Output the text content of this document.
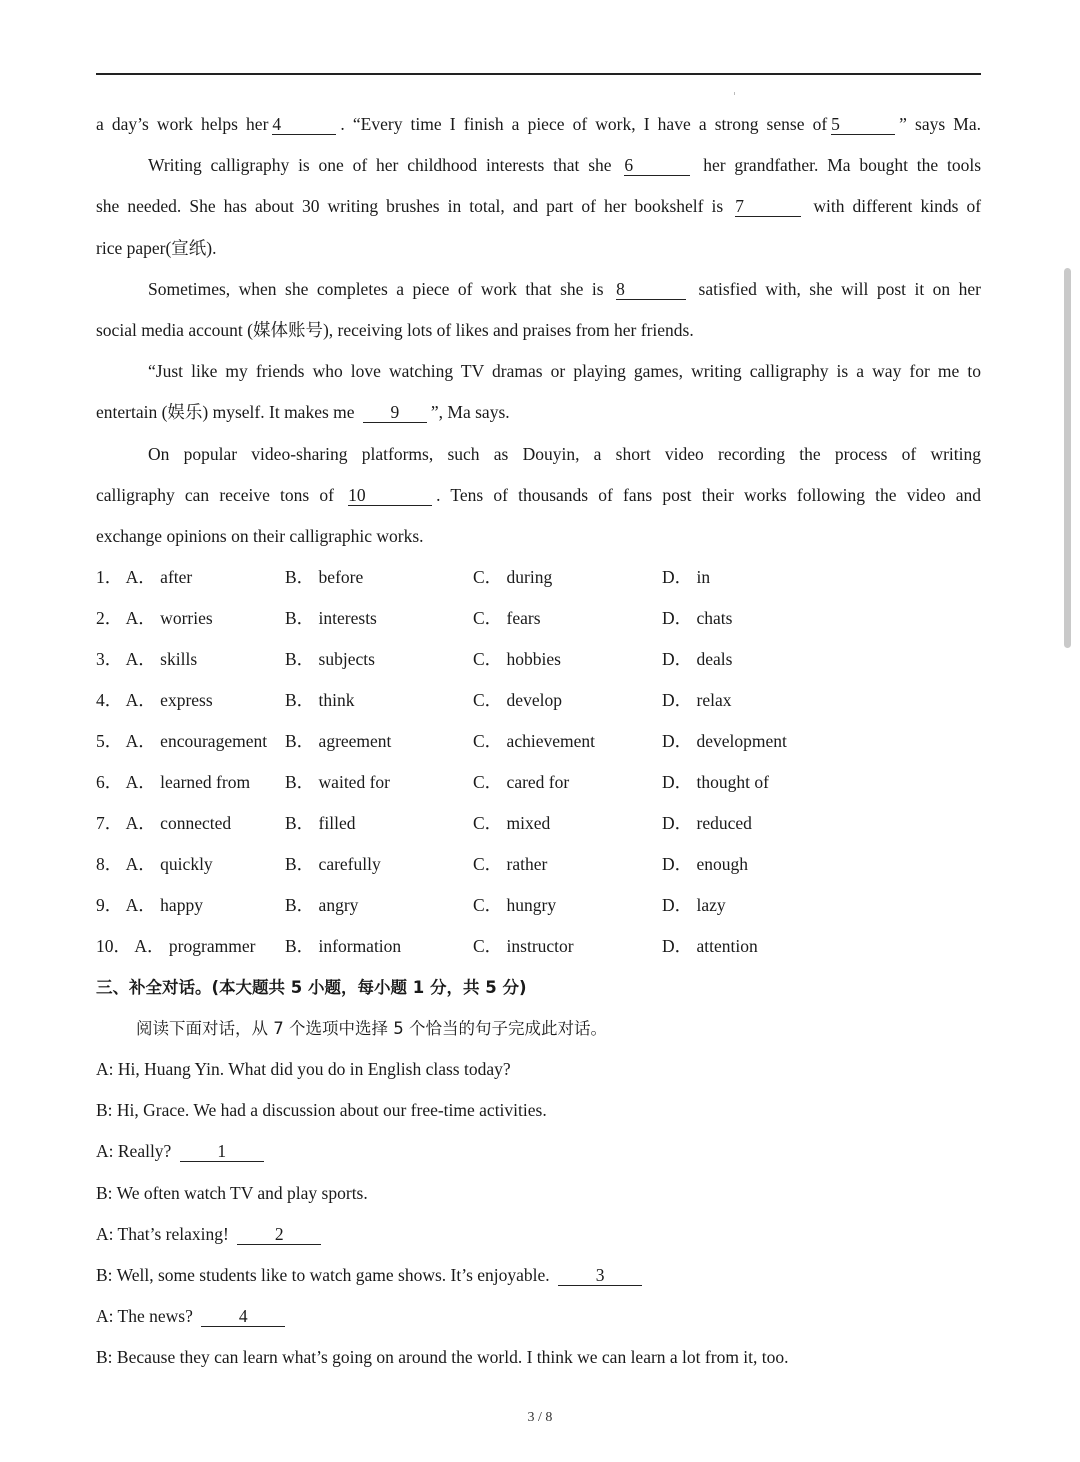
a day’s work helps her 4	. “Every time I finish a piece of work, I have a strong sense of 5	” says Ma.
Writing calligraphy is one of her childhood interests that she 6	her grandfather. Ma bought the tools
she needed. She has about 30 writing brushes in total, and part of her bookshelf is 7	with different kinds of
rice paper(宣纸).
Sometimes, when she completes a piece of work that she is 8	satisfied with, she will post it on her
social media account (媒体账号), receiving lots of likes and praises from her friends.
“Just like my friends who love watching TV dramas or playing games, writing calligraphy is a way for me to
entertain (娱乐) myself. It makes me 9 ”, Ma says.
On popular video-sharing platforms, such as Douyin, a short video recording the process of writing
calligraphy can receive tons of 10	. Tens of thousands of fans post their works following the video and
exchange opinions on their calligraphic works.
1． A． after	B． before	C． during	D． in
2． A． worries	B． interests	C． fears	D． chats
3． A． skills	B． subjects	C． hobbies	D． deals
4． A． express	B． think	C． develop	D． relax
5． A． encouragement B． agreement	C． achievement	D． development
6． A． learned from B． waited for	C． cared for	D． thought of
7． A． connected	B． filled	C． mixed	D． reduced
8． A． quickly	B． carefully	C． rather	D． enough
9． A． happy	B． angry	C． hungry	D． lazy
10． A． programmer B． information	C． instructor	D． attention
三、补全对话。(本大题共 5 小题，每小题 1 分，共 5 分)
阅读下面对话，从 7 个选项中选择 5 个恰当的句子完成此对话。
A: Hi, Huang Yin. What did you do in English class today?
B: Hi, Grace. We had a discussion about our free-time activities.
A: Really?	1
B: We often watch TV and play sports.
A: That’s relaxing!	2
B: Well, some students like to watch game shows. It’s enjoyable.	3
A: The news?	4
B: Because they can learn what’s going on around the world. I think we can learn a lot from it, too.
3 / 8
